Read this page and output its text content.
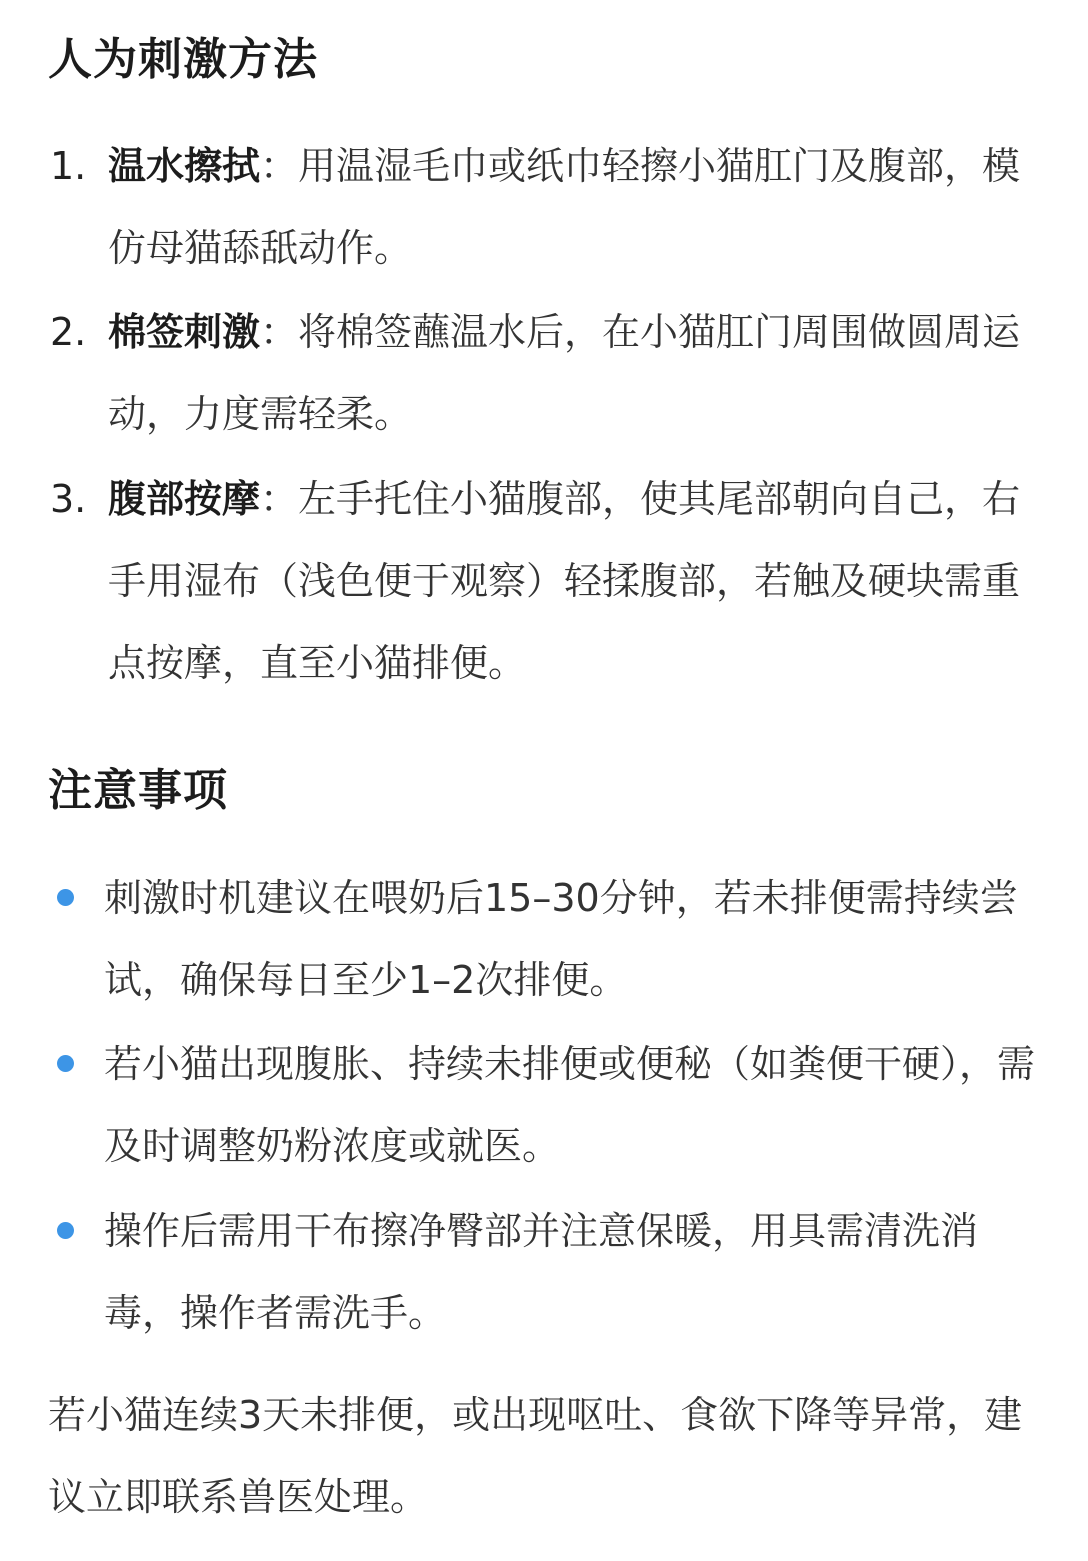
人为刺激方法
1. 温水擦拭：用温湿毛巾或纸巾轻擦小猫肛门及腹部，模仿母猫舔舐动作。
2. 棉签刺激：将棉签蘸温水后，在小猫肛门周围做圆周运动，力度需轻柔。
3. 腹部按摩：左手托住小猫腹部，使其尾部朝向自己，右手用湿布（浅色便于观察）轻揉腹部，若触及硬块需重点按摩，直至小猫排便。
注意事项
刺激时机建议在喂奶后15–30分钟，若未排便需持续尝试，确保每日至少1–2次排便。
若小猫出现腹胀、持续未排便或便秘（如粪便干硬），需及时调整奶粉浓度或就医。
操作后需用干布擦净臀部并注意保暖，用具需清洗消毒，操作者需洗手。

若小猫连续3天未排便，或出现呕吐、食欲下降等异常，建议立即联系兽医处理。
